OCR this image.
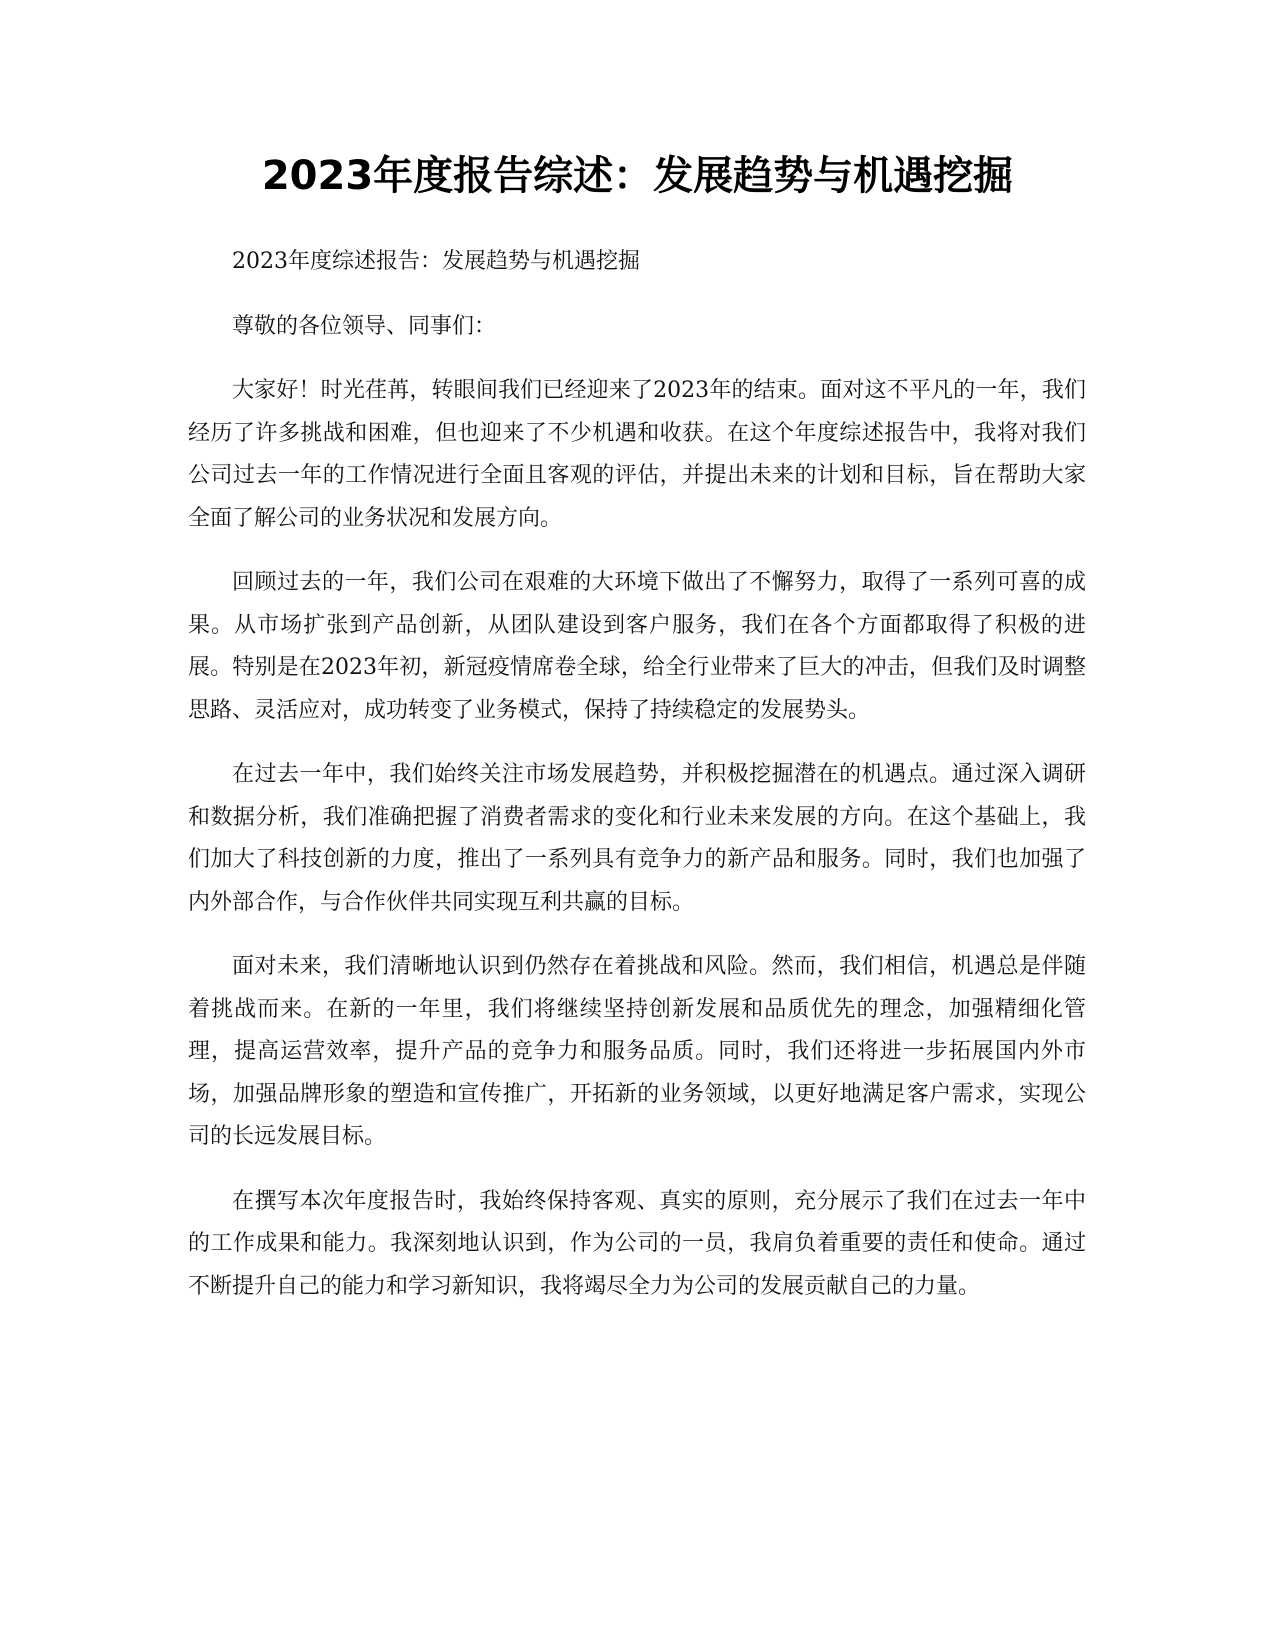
2023年度报告综述：发展趋势与机遇挖掘

2023年度综述报告：发展趋势与机遇挖掘

尊敬的各位领导、同事们：

大家好！时光荏苒，转眼间我们已经迎来了2023年的结束。面对这不平凡的一年，我们经历了许多挑战和困难，但也迎来了不少机遇和收获。在这个年度综述报告中，我将对我们公司过去一年的工作情况进行全面且客观的评估，并提出未来的计划和目标，旨在帮助大家全面了解公司的业务状况和发展方向。

回顾过去的一年，我们公司在艰难的大环境下做出了不懈努力，取得了一系列可喜的成果。从市场扩张到产品创新，从团队建设到客户服务，我们在各个方面都取得了积极的进展。特别是在2023年初，新冠疫情席卷全球，给全行业带来了巨大的冲击，但我们及时调整思路、灵活应对，成功转变了业务模式，保持了持续稳定的发展势头。

在过去一年中，我们始终关注市场发展趋势，并积极挖掘潜在的机遇点。通过深入调研和数据分析，我们准确把握了消费者需求的变化和行业未来发展的方向。在这个基础上，我们加大了科技创新的力度，推出了一系列具有竞争力的新产品和服务。同时，我们也加强了内外部合作，与合作伙伴共同实现互利共赢的目标。

面对未来，我们清晰地认识到仍然存在着挑战和风险。然而，我们相信，机遇总是伴随着挑战而来。在新的一年里，我们将继续坚持创新发展和品质优先的理念，加强精细化管理，提高运营效率，提升产品的竞争力和服务品质。同时，我们还将进一步拓展国内外市场，加强品牌形象的塑造和宣传推广，开拓新的业务领域，以更好地满足客户需求，实现公司的长远发展目标。

在撰写本次年度报告时，我始终保持客观、真实的原则，充分展示了我们在过去一年中的工作成果和能力。我深刻地认识到，作为公司的一员，我肩负着重要的责任和使命。通过不断提升自己的能力和学习新知识，我将竭尽全力为公司的发展贡献自己的力量。
